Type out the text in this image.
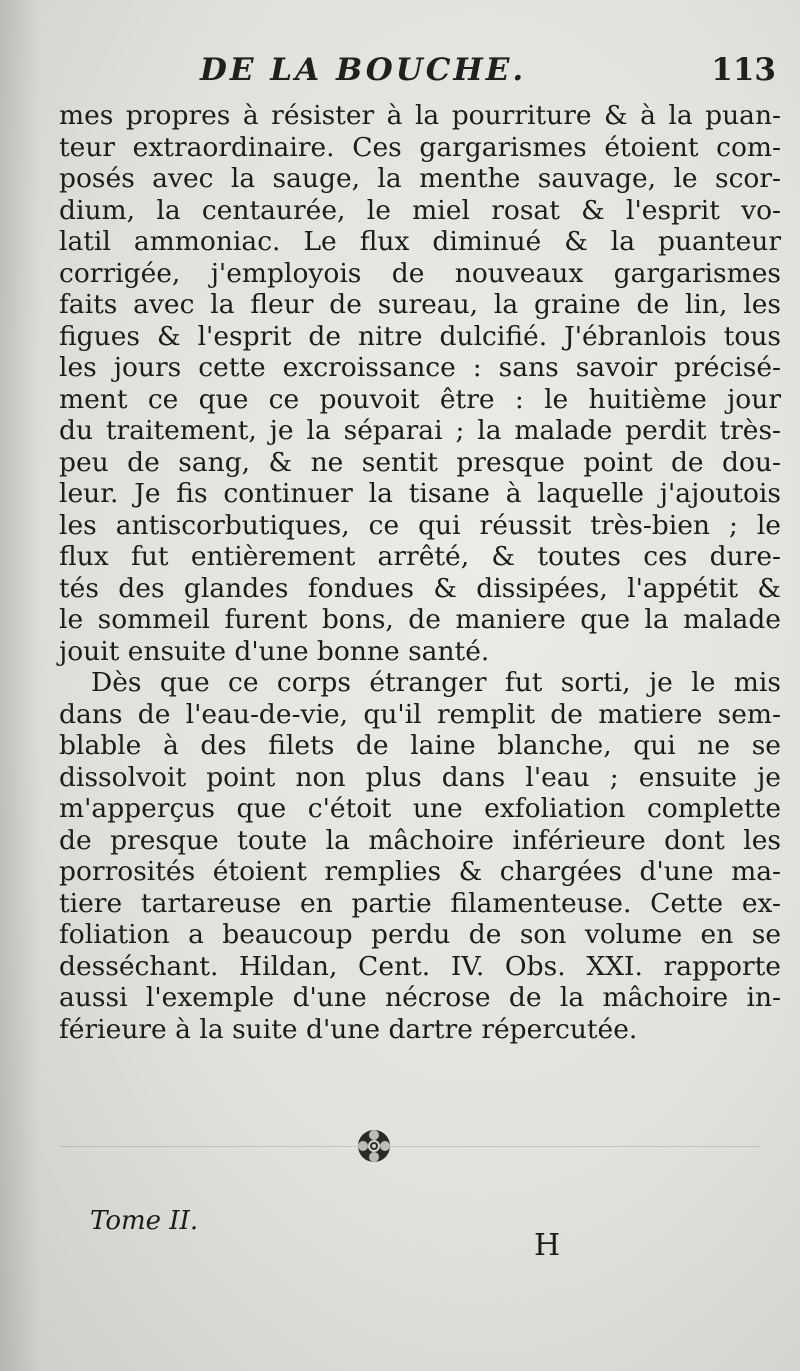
DE LA BOUCHE.	113
mes propres à résister à la pourriture & à la puan-
teur extraordinaire. Ces gargarismes étoient com-
posés avec la sauge, la menthe sauvage, le scor-
dium, la centaurée, le miel rosat & l'esprit vo-
latil ammoniac. Le flux diminué & la puanteur
corrigée, j'employois de nouveaux gargarismes
faits avec la fleur de sureau, la graine de lin, les
figues & l'esprit de nitre dulcifié. J'ébranlois tous
les jours cette excroissance : sans savoir précisé-
ment ce que ce pouvoit être : le huitième jour
du traitement, je la séparai ; la malade perdit très-
peu de sang, & ne sentit presque point de dou-
leur. Je fis continuer la tisane à laquelle j'ajoutois
les antiscorbutiques, ce qui réussit très-bien ; le
flux fut entièrement arrêté, & toutes ces dure-
tés des glandes fondues & dissipées, l'appétit &
le sommeil furent bons, de maniere que la malade
jouit ensuite d'une bonne santé.
Dès que ce corps étranger fut sorti, je le mis
dans de l'eau-de-vie, qu'il remplit de matiere sem-
blable à des filets de laine blanche, qui ne se
dissolvoit point non plus dans l'eau ; ensuite je
m'apperçus que c'étoit une exfoliation complette
de presque toute la mâchoire inférieure dont les
porrosités étoient remplies & chargées d'une ma-
tiere tartareuse en partie filamenteuse. Cette ex-
foliation a beaucoup perdu de son volume en se
desséchant. Hildan, Cent. IV. Obs. XXI. rapporte
aussi l'exemple d'une nécrose de la mâchoire in-
férieure à la suite d'une dartre répercutée.
Tome II.
H
